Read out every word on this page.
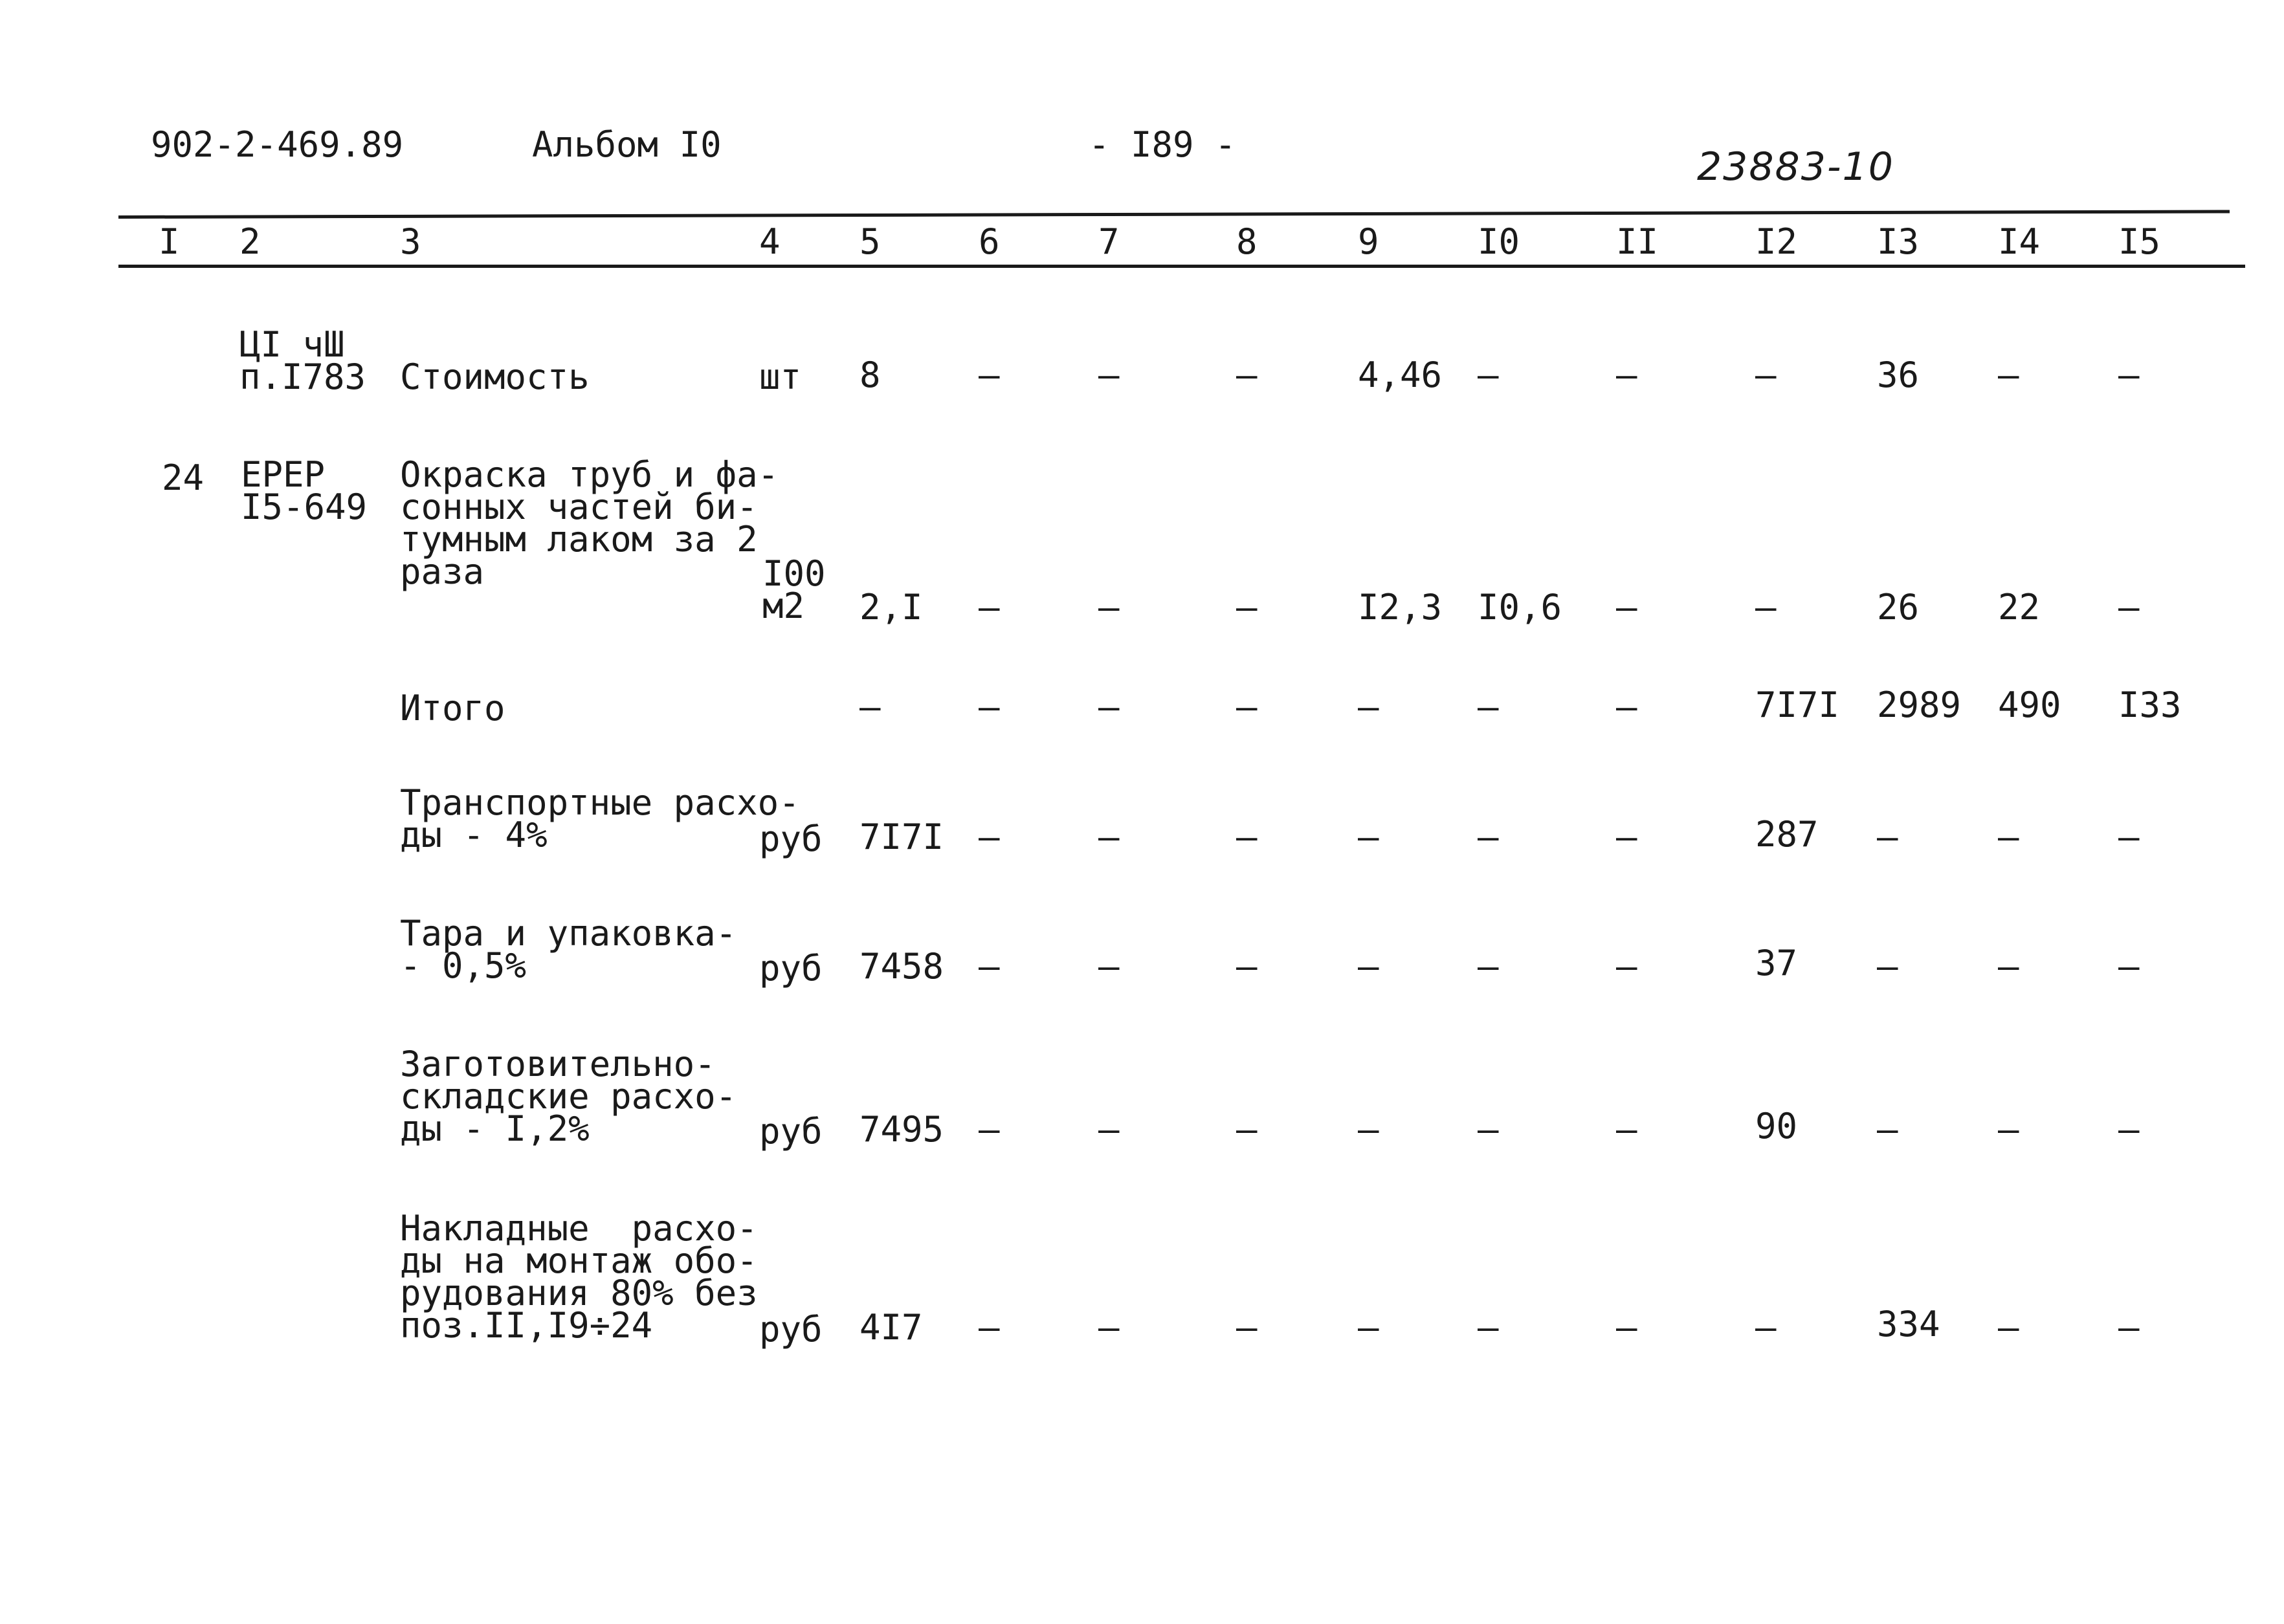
902-2-469.89	Альбом I0	- I89 -	23883-10
I 2	3	4 5	6	7	8	9	I0	II	I2 I3 I4 I5
ЦI чШ
п.I783 Стоимость	шт 8	–	–	–	4,46 –	–	–	36 –	–
24 ЕРЕР
I5-649
Окраска труб и фа-
сонных частей би-
тумным лаком за 2
раза	I00
м2	2,I –	–	–	I2,3 I0,6 –	–	26 22 –
Итого	–	–	–	–	–	–	–	7I7I 2989 490 I33
Транспортные расхо-
ды - 4%	руб 7I7I –	–	–	–	–	–	287 –	–	–
Тара и упаковка-
- 0,5%	руб 7458 –	–	–	–	–	–	37 –	–	–
Заготовительно-
складские расхо-
ды - I,2%	руб 7495 –	–	–	–	–	–	90 –	–	–
Накладные  расхо-
ды на монтаж обо-
рудования 80% без
поз.II,I9÷24	руб 4I7 –	–	–	–	–	–	–	334 –	–
